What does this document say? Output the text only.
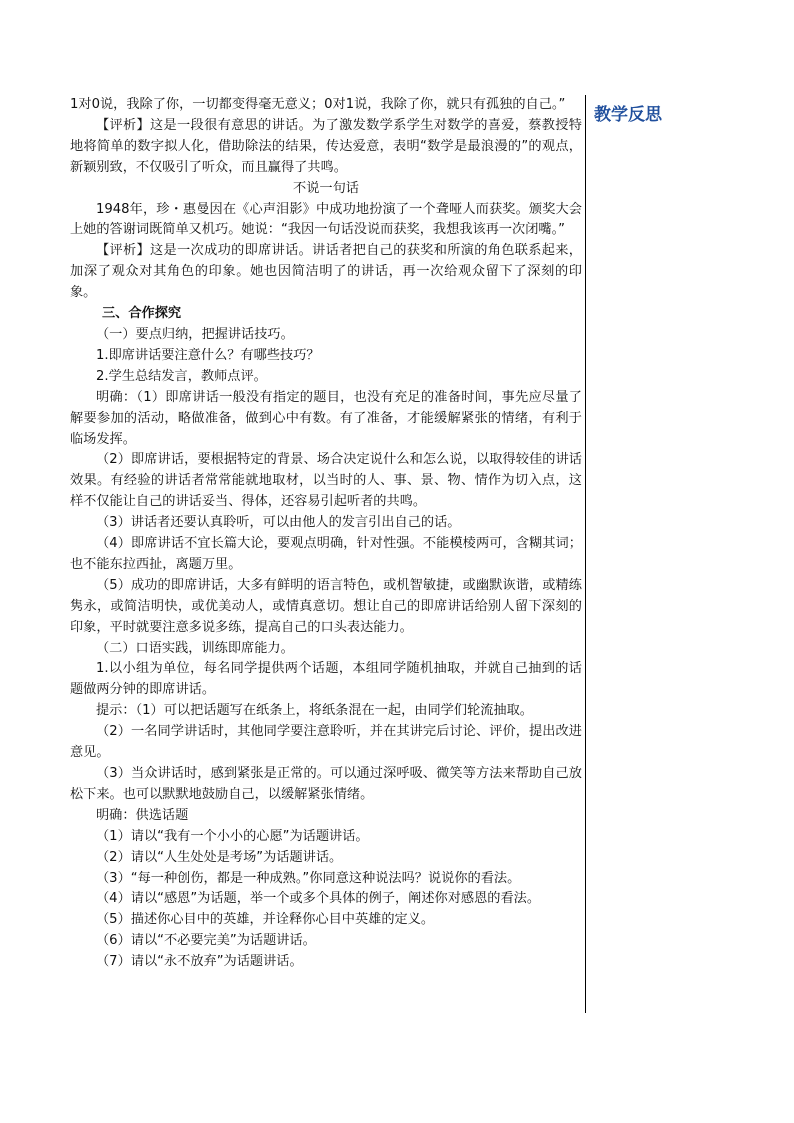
1对0说，我除了你，一切都变得毫无意义；0对1说，我除了你，就只有孤独的自己。”

【评析】这是一段很有意思的讲话。为了激发数学系学生对数学的喜爱，蔡教授特地将简单的数字拟人化，借助除法的结果，传达爱意，表明“数学是最浪漫的”的观点，新颖别致，不仅吸引了听众，而且赢得了共鸣。

不说一句话

1948年，珍・惠曼因在《心声泪影》中成功地扮演了一个聋哑人而获奖。颁奖大会上她的答谢词既简单又机巧。她说：“我因一句话没说而获奖，我想我该再一次闭嘴。”

【评析】这是一次成功的即席讲话。讲话者把自己的获奖和所演的角色联系起来，加深了观众对其角色的印象。她也因简洁明了的讲话，再一次给观众留下了深刻的印象。

三、合作探究

（一）要点归纳，把握讲话技巧。

1.即席讲话要注意什么？有哪些技巧？

2.学生总结发言，教师点评。

明确：（1）即席讲话一般没有指定的题目，也没有充足的准备时间，事先应尽量了解要参加的活动，略做准备，做到心中有数。有了准备，才能缓解紧张的情绪，有利于临场发挥。

（2）即席讲话，要根据特定的背景、场合决定说什么和怎么说，以取得较佳的讲话效果。有经验的讲话者常常能就地取材，以当时的人、事、景、物、情作为切入点，这样不仅能让自己的讲话妥当、得体，还容易引起听者的共鸣。

（3）讲话者还要认真聆听，可以由他人的发言引出自己的话。

（4）即席讲话不宜长篇大论，要观点明确，针对性强。不能模棱两可，含糊其词；也不能东拉西扯，离题万里。

（5）成功的即席讲话，大多有鲜明的语言特色，或机智敏捷，或幽默诙谐，或精练隽永，或简洁明快，或优美动人，或情真意切。想让自己的即席讲话给别人留下深刻的印象，平时就要注意多说多练，提高自己的口头表达能力。

（二）口语实践，训练即席能力。

1.以小组为单位，每名同学提供两个话题，本组同学随机抽取，并就自己抽到的话题做两分钟的即席讲话。

提示：（1）可以把话题写在纸条上，将纸条混在一起，由同学们轮流抽取。

（2）一名同学讲话时，其他同学要注意聆听，并在其讲完后讨论、评价，提出改进意见。

（3）当众讲话时，感到紧张是正常的。可以通过深呼吸、微笑等方法来帮助自己放松下来。也可以默默地鼓励自己，以缓解紧张情绪。

明确：供选话题

（1）请以“我有一个小小的心愿”为话题讲话。

（2）请以“人生处处是考场”为话题讲话。

（3）“每一种创伤，都是一种成熟。”你同意这种说法吗？说说你的看法。

（4）请以“感恩”为话题，举一个或多个具体的例子，阐述你对感恩的看法。

（5）描述你心目中的英雄，并诠释你心目中英雄的定义。

（6）请以“不必要完美”为话题讲话。

（7）请以“永不放弃”为话题讲话。

教学反思
